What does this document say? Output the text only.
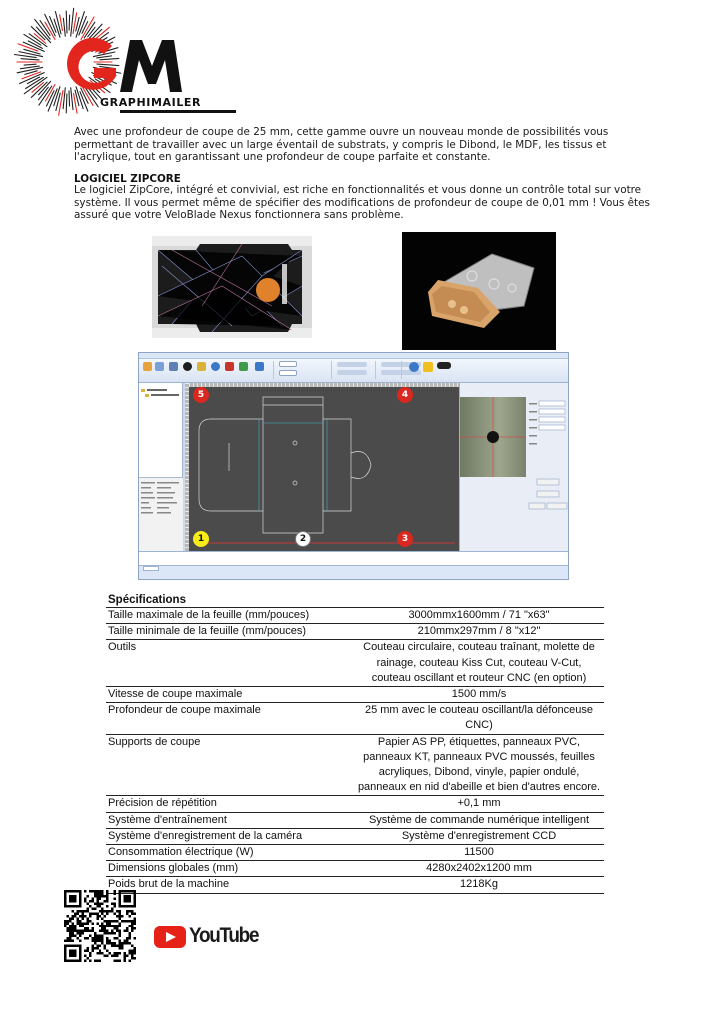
GRAPHIMAILER

Avec une profondeur de coupe de 25 mm, cette gamme ouvre un nouveau monde de possibilités vous permettant de travailler avec un large éventail de substrats, y compris le Dibond, le MDF, les tissus et l'acrylique, tout en garantissant une profondeur de coupe parfaite et constante.

LOGICIEL ZIPCORE

Le logiciel ZipCore, intégré et convivial, est riche en fonctionnalités et vous donne un contrôle total sur votre système. Il vous permet même de spécifier des modifications de profondeur de coupe de 0,01 mm ! Vous êtes assuré que votre VeloBlade Nexus fonctionnera sans problème.

5	4
1	2	3
Spécifications
Taille maximale de la feuille (mm/pouces)	3000mmx1600mm / 71 "x63"
Taille minimale de la feuille (mm/pouces)	210mmx297mm / 8 "x12"
Outils	Couteau circulaire, couteau traînant, molette de rainage, couteau Kiss Cut, couteau V-Cut, couteau oscillant et routeur CNC (en option)
Vitesse de coupe maximale	1500 mm/s
Profondeur de coupe maximale	25 mm avec le couteau oscillant/la défonceuse CNC)
Supports de coupe	Papier AS PP, étiquettes, panneaux PVC, panneaux KT, panneaux PVC moussés, feuilles acryliques, Dibond, vinyle, papier ondulé, panneaux en nid d'abeille et bien d'autres encore.
Précision de répétition	+0,1 mm
Système d'entraînement	Système de commande numérique intelligent
Système d'enregistrement de la caméra	Système d'enregistrement CCD
Consommation électrique (W)	11500
Dimensions globales (mm)	4280x2402x1200 mm
Poids brut de la machine	1218Kg
YouTube
